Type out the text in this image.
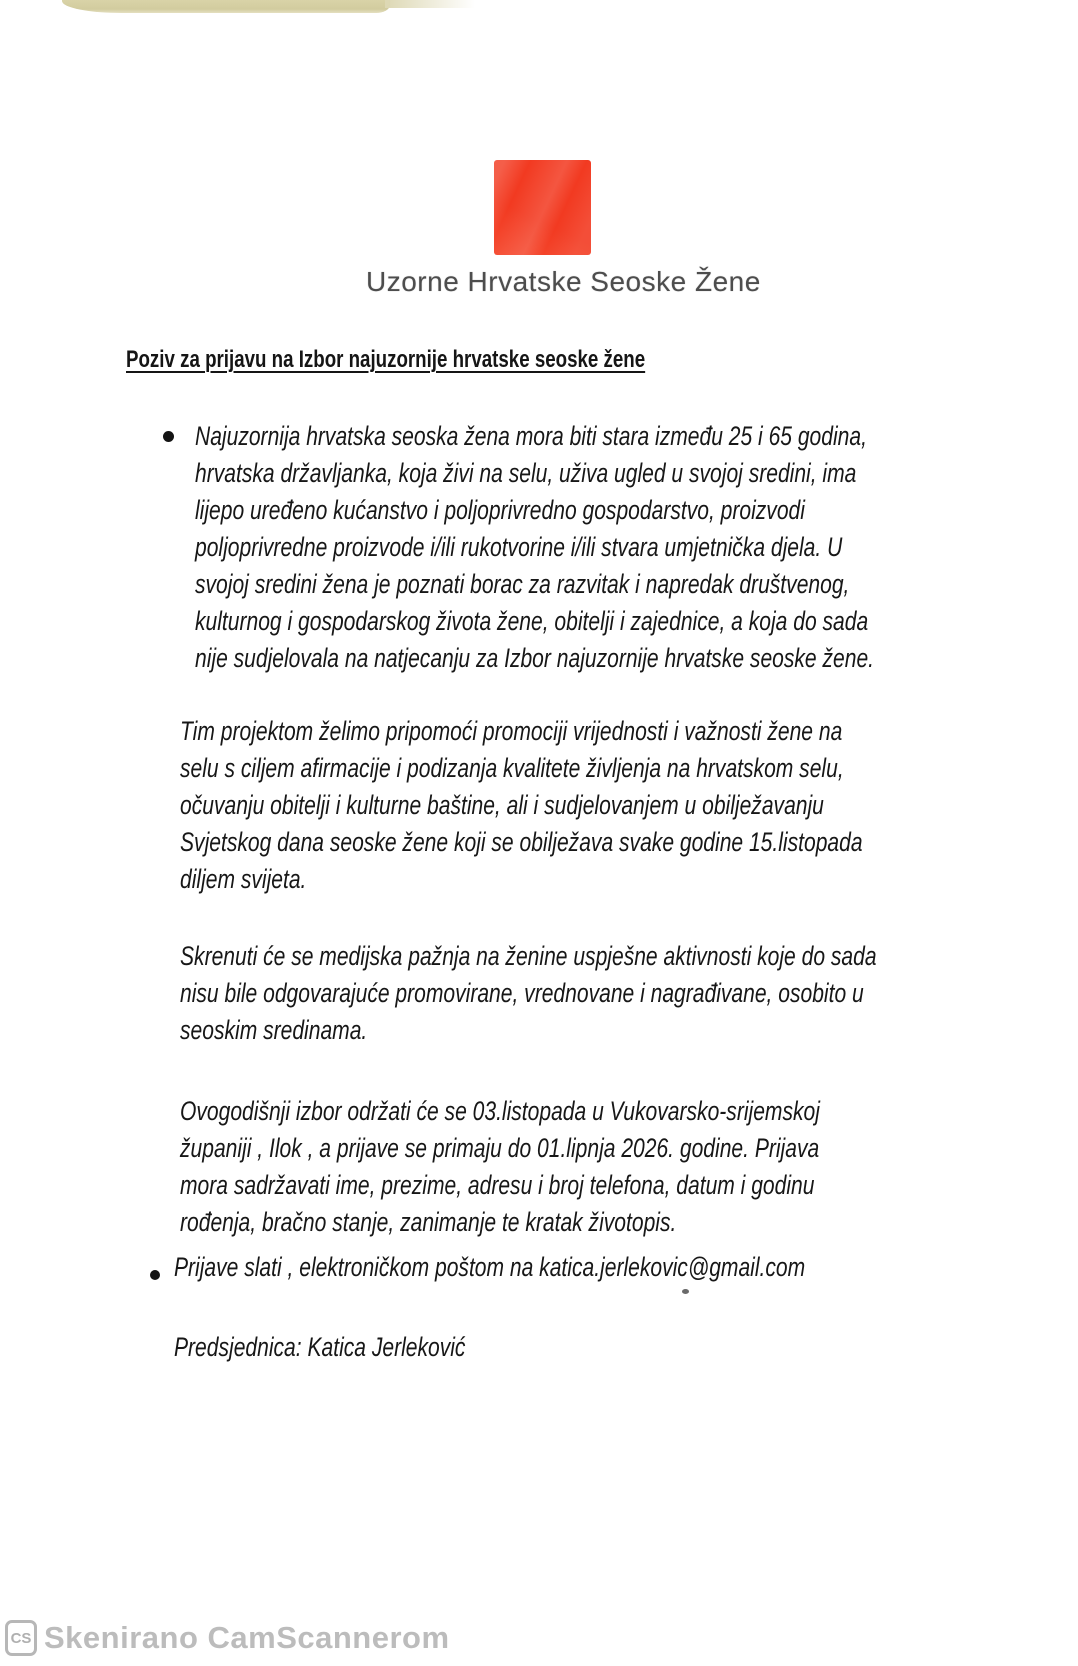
Uzorne Hrvatske Seoske Žene
Poziv za prijavu na Izbor najuzornije hrvatske seoske žene
Najuzornija hrvatska seoska žena mora biti stara između 25 i 65 godina,
hrvatska državljanka, koja živi na selu, uživa ugled u svojoj sredini, ima
lijepo uređeno kućanstvo i poljoprivredno gospodarstvo, proizvodi
poljoprivredne proizvode i/ili rukotvorine i/ili stvara umjetnička djela. U
svojoj sredini žena je poznati borac za razvitak i napredak društvenog,
kulturnog i gospodarskog života žene, obitelji i zajednice, a koja do sada
nije sudjelovala na natjecanju za Izbor najuzornije hrvatske seoske žene.
Tim projektom želimo pripomoći promociji vrijednosti i važnosti žene na
selu s ciljem afirmacije i podizanja kvalitete življenja na hrvatskom selu,
očuvanju obitelji i kulturne baštine, ali i sudjelovanjem u obilježavanju
Svjetskog dana seoske žene koji se obilježava svake godine 15.listopada
diljem svijeta.
Skrenuti će se medijska pažnja na ženine uspješne aktivnosti koje do sada
nisu bile odgovarajuće promovirane, vrednovane i nagrađivane, osobito u
seoskim sredinama.
Ovogodišnji izbor održati će se 03.listopada u Vukovarsko-srijemskoj
županiji , Ilok , a prijave se primaju do 01.lipnja 2026. godine. Prijava
mora sadržavati ime, prezime, adresu i broj telefona, datum i godinu
rođenja, bračno stanje, zanimanje te kratak životopis.
Prijave slati , elektroničkom poštom na katica.jerlekovic@gmail.com
Predsjednica: Katica Jerleković
CS Skenirano CamScannerom
